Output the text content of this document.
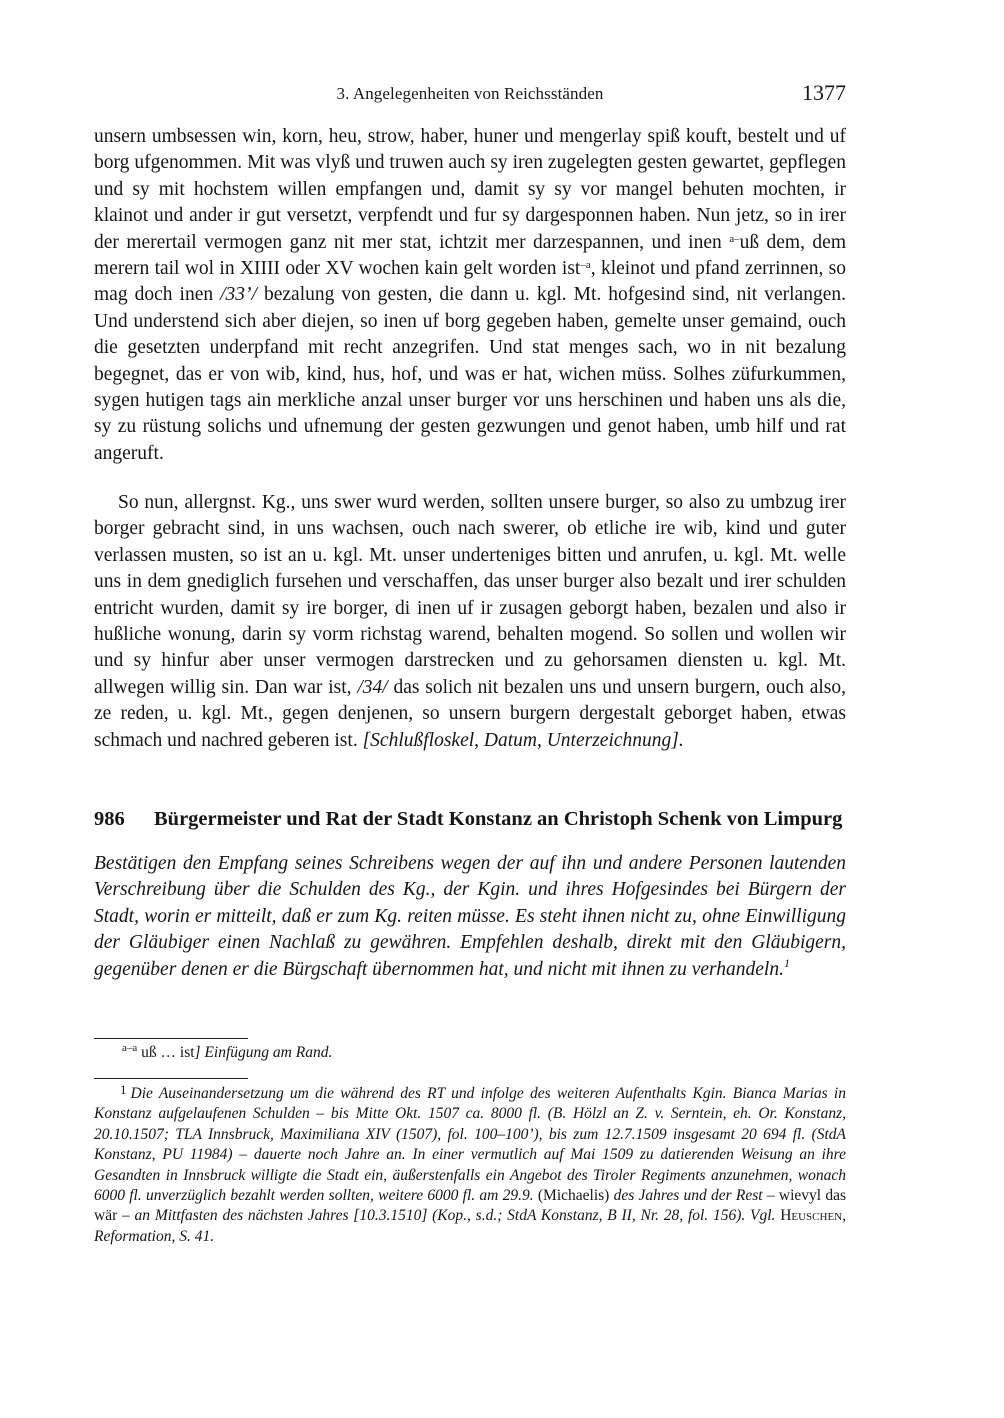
3. Angelegenheiten von Reichsständen	1377

unsern umbsessen win, korn, heu, strow, haber, huner und mengerlay spiß kouft, bestelt und uf borg ufgenommen. Mit was vlyß und truwen auch sy iren zugelegten gesten gewartet, gepflegen und sy mit hochstem willen empfangen und, damit sy sy vor mangel behuten mochten, ir klainot und ander ir gut versetzt, verpfendt und fur sy dargesponnen haben. Nun jetz, so in irer der merertail vermogen ganz nit mer stat, ichtzit mer darzespannen, und inen $^{a-}$uß dem, dem merern tail wol in XIIII oder XV wochen kain gelt worden ist$^{-a}$, kleinot und pfand zerrinnen, so mag doch inen /33’/ bezalung von gesten, die dann u. kgl. Mt. hofgesind sind, nit verlangen. Und understend sich aber diejen, so inen uf borg gegeben haben, gemelte unser gemaind, ouch die gesetzten underpfand mit recht anzegrifen. Und stat menges sach, wo in nit bezalung begegnet, das er von wib, kind, hus, hof, und was er hat, wichen müss. Solhes züfurkummen, sygen hutigen tags ain merkliche anzal unser burger vor uns herschinen und haben uns als die, sy zu rüstung solichs und ufnemung der gesten gezwungen und genot haben, umb hilf und rat angeruft.

So nun, allergnst. Kg., uns swer wurd werden, sollten unsere burger, so also zu umbzug irer borger gebracht sind, in uns wachsen, ouch nach swerer, ob etliche ire wib, kind und guter verlassen musten, so ist an u. kgl. Mt. unser underteniges bitten und anrufen, u. kgl. Mt. welle uns in dem gnediglich fursehen und verschaffen, das unser burger also bezalt und irer schulden entricht wurden, damit sy ire borger, di inen uf ir zusagen geborgt haben, bezalen und also ir hußliche wonung, darin sy vorm richstag warend, behalten mogend. So sollen und wollen wir und sy hinfur aber unser vermogen darstrecken und zu gehorsamen diensten u. kgl. Mt. allwegen willig sin. Dan war ist, /34/ das solich nit bezalen uns und unsern burgern, ouch also, ze reden, u. kgl. Mt., gegen denjenen, so unsern burgern dergestalt geborget haben, etwas schmach und nachred geberen ist. [Schlußfloskel, Datum, Unterzeichnung].

986 Bürgermeister und Rat der Stadt Konstanz an Christoph Schenk von Limpurg
Bestätigen den Empfang seines Schreibens wegen der auf ihn und andere Personen lautenden Verschreibung über die Schulden des Kg., der Kgin. und ihres Hofgesindes bei Bürgern der Stadt, worin er mitteilt, daß er zum Kg. reiten müsse. Es steht ihnen nicht zu, ohne Einwilligung der Gläubiger einen Nachlaß zu gewähren. Empfehlen deshalb, direkt mit den Gläubigern, gegenüber denen er die Bürgschaft übernommen hat, und nicht mit ihnen zu verhandeln.$^1$
$^{a-a}$ uß … ist] Einfügung am Rand.
$^1$ Die Auseinandersetzung um die während des RT und infolge des weiteren Aufenthalts Kgin. Bianca Marias in Konstanz aufgelaufenen Schulden – bis Mitte Okt. 1507 ca. 8000 fl. (B. Hölzl an Z. v. Serntein, eh. Or. Konstanz, 20.10.1507; TLA Innsbruck, Maximiliana XIV (1507), fol. 100–100’), bis zum 12.7.1509 insgesamt 20 694 fl. (StdA Konstanz, PU 11984) – dauerte noch Jahre an. In einer vermutlich auf Mai 1509 zu datierenden Weisung an ihre Gesandten in Innsbruck willigte die Stadt ein, äußerstenfalls ein Angebot des Tiroler Regiments anzunehmen, wonach 6000 fl. unverzüglich bezahlt werden sollten, weitere 6000 fl. am 29.9. (Michaelis) des Jahres und der Rest – wievyl das wär – an Mittfasten des nächsten Jahres [10.3.1510] (Kop., s.d.; StdA Konstanz, B II, Nr. 28, fol. 156). Vgl. Heuschen, Reformation, S. 41.
